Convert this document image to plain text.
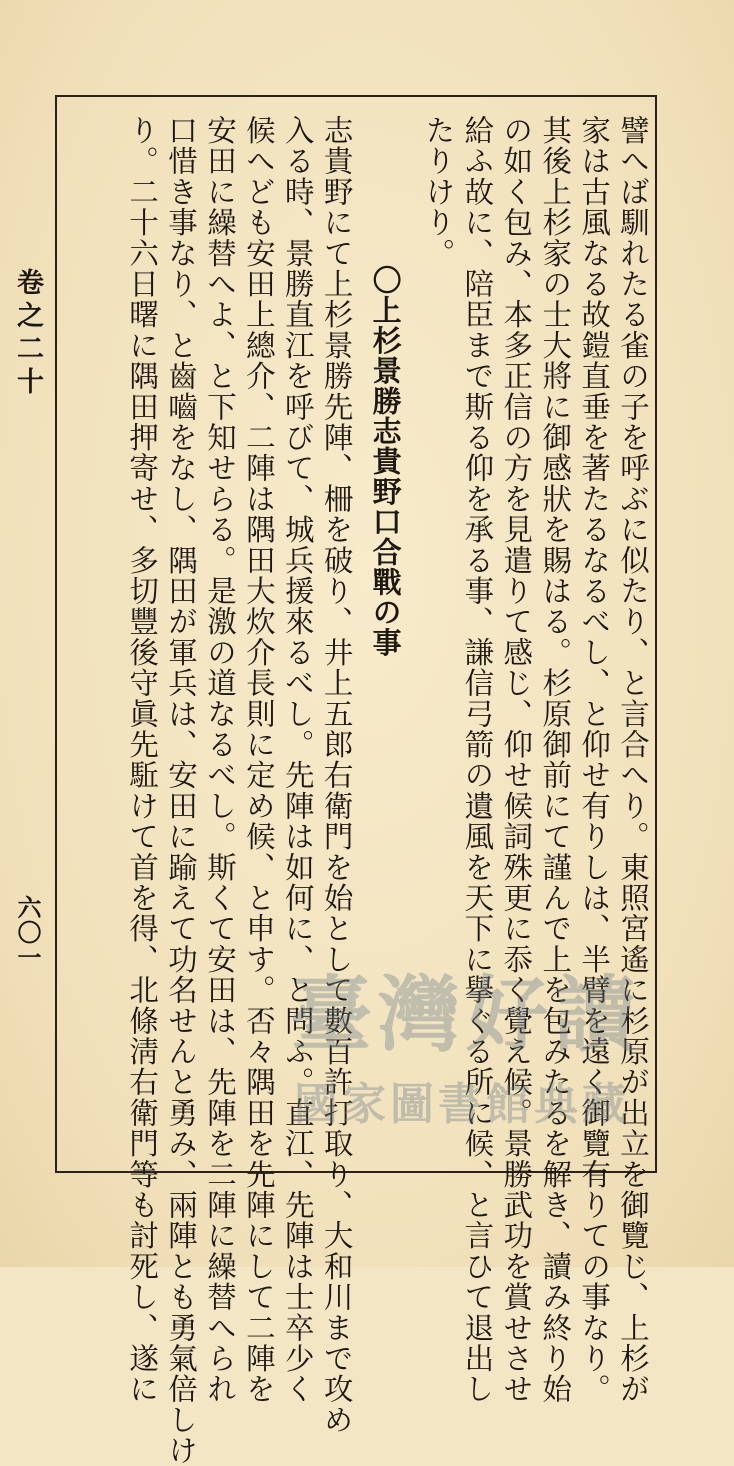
卷之二十
六〇一	譬へば馴れたる雀の子を呼ぶに似たり、と言合へり。東照宮遙に杉原が出立を御覽じ、上杉が
家は古風なる故鎧直垂を著たるなるべし、と仰せ有りしは、半臂を遠く御覽有りての事なり。
其後上杉家の士大將に御感狀を賜はる。杉原御前にて謹んで上を包みたるを解き、讀み終り始
の如く包み、本多正信の方を見遣りて感じ、仰せ候詞殊更に忝く覺え候。景勝武功を賞せさせ
給ふ故に、陪臣まで斯る仰を承る事、謙信弓箭の遺風を天下に擧ぐる所に候、と言ひて退出し
たりけり。
〇上杉景勝志貴野口合戰の事
志貴野にて上杉景勝先陣、柵を破り、井上五郎右衛門を始として數百許打取り、大和川まで攻め
入る時、景勝直江を呼びて、城兵援來るべし。先陣は如何に、と問ふ。直江、先陣は士卒少く
候へども安田上總介、二陣は隅田大炊介長則に定め候、と申す。否々隅田を先陣にして二陣を
安田に繰替へよ、と下知せらる。是激の道なるべし。斯くて安田は、先陣を二陣に繰替へられ
口惜き事なり、と齒嚙をなし、隅田が軍兵は、安田に踰えて功名せんと勇み、兩陣とも勇氣倍しけ
り。二十六日曙に隅田押寄せ、多切豐後守眞先駈けて首を得、北條淸右衛門等も討死し、遂に 臺灣好讀
國家圖書館典藏
